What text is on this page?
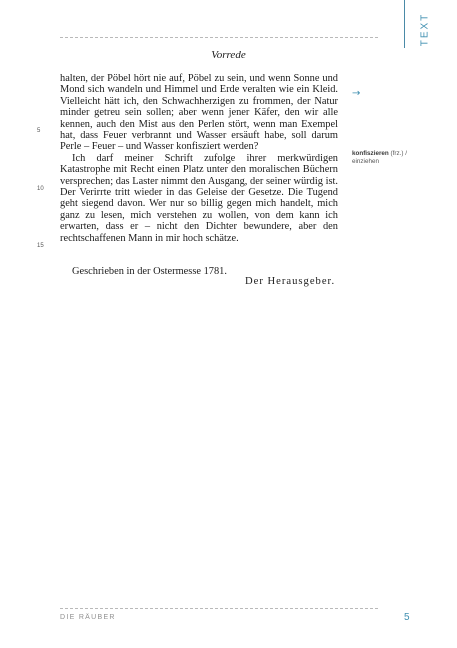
TEXT
Vorrede

halten, der Pöbel hört nie auf, Pöbel zu sein, und wenn Sonne und Mond sich wandeln und Himmel und Erde veralten wie ein Kleid. Vielleicht hätt ich, den Schwachherzigen zu frommen, der Natur minder getreu sein sollen; aber wenn jener Käfer, den wir alle kennen, auch den Mist aus den Perlen stört, wenn man Exempel hat, dass Feuer verbrannt und Wasser ersäuft habe, soll darum Perle – Feuer – und Wasser konfisziert werden?

Ich darf meiner Schrift zufolge ihrer merkwürdigen Katastrophe mit Recht einen Platz unter den moralischen Büchern versprechen; das Laster nimmt den Ausgang, der seiner würdig ist. Der Verirrte tritt wieder in das Geleise der Gesetze. Die Tugend geht siegend davon. Wer nur so billig gegen mich handelt, mich ganz zu lesen, mich verstehen zu wollen, von dem kann ich erwarten, dass er – nicht den Dichter bewundere, aber den rechtschaffenen Mann in mir hoch schätze.

5
10
15
→
konfiszieren (frz.) /
einziehen
Geschrieben in der Ostermesse 1781.
Der Herausgeber.
DIE RÄUBER	5
